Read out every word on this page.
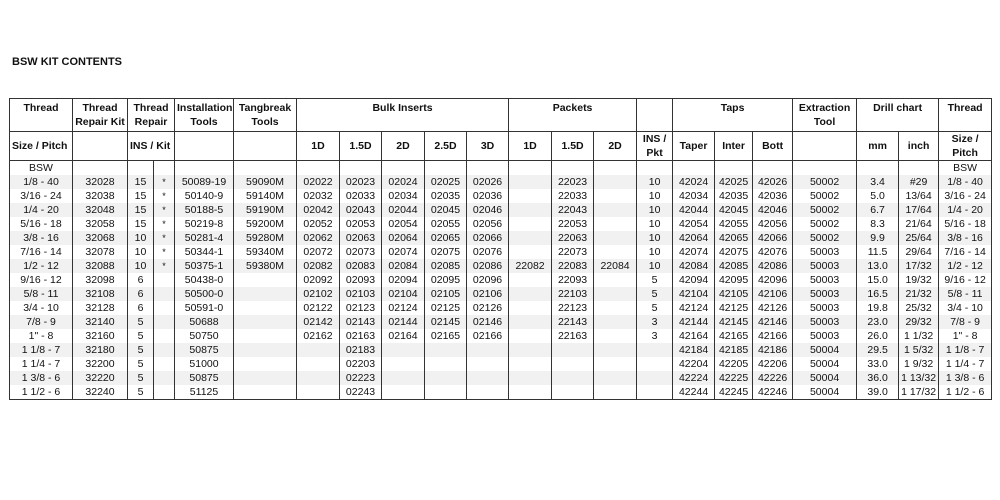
BSW KIT CONTENTS
Thread	Thread Repair Kit	Thread Repair		Installation Tools	Tangbreak Tools	Bulk Inserts					Packets				Taps			Extraction Tool	Drill chart		Thread
Size / Pitch		INS / Kit				1D	1.5D	2D	2.5D	3D	1D	1.5D	2D	INS / Pkt	Taper	Inter	Bott		mm	inch	Size / Pitch
BSW																					BSW
1/8 - 40	32028	15	*	50089-19	59090M	02022	02023	02024	02025	02026		22023		10	42024	42025	42026	50002	3.4	#29	1/8 - 40
3/16 - 24	32038	15	*	50140-9	59140M	02032	02033	02034	02035	02036		22033		10	42034	42035	42036	50002	5.0	13/64	3/16 - 24
1/4 - 20	32048	15	*	50188-5	59190M	02042	02043	02044	02045	02046		22043		10	42044	42045	42046	50002	6.7	17/64	1/4 - 20
5/16 - 18	32058	15	*	50219-8	59200M	02052	02053	02054	02055	02056		22053		10	42054	42055	42056	50002	8.3	21/64	5/16 - 18
3/8 - 16	32068	10	*	50281-4	59280M	02062	02063	02064	02065	02066		22063		10	42064	42065	42066	50002	9.9	25/64	3/8 - 16
7/16 - 14	32078	10	*	50344-1	59340M	02072	02073	02074	02075	02076		22073		10	42074	42075	42076	50003	11.5	29/64	7/16 - 14
1/2 - 12	32088	10	*	50375-1	59380M	02082	02083	02084	02085	02086	22082	22083	22084	10	42084	42085	42086	50003	13.0	17/32	1/2 - 12
9/16 - 12	32098	6		50438-0		02092	02093	02094	02095	02096		22093		5	42094	42095	42096	50003	15.0	19/32	9/16 - 12
5/8 - 11	32108	6		50500-0		02102	02103	02104	02105	02106		22103		5	42104	42105	42106	50003	16.5	21/32	5/8 - 11
3/4 - 10	32128	6		50591-0		02122	02123	02124	02125	02126		22123		5	42124	42125	42126	50003	19.8	25/32	3/4 - 10
7/8 - 9	32140	5		50688		02142	02143	02144	02145	02146		22143		3	42144	42145	42146	50003	23.0	29/32	7/8 - 9
1" - 8	32160	5		50750		02162	02163	02164	02165	02166		22163		3	42164	42165	42166	50003	26.0	1 1/32	1" - 8
1 1/8 - 7	32180	5		50875			02183								42184	42185	42186	50004	29.5	1 5/32	1 1/8 - 7
1 1/4 - 7	32200	5		51000			02203								42204	42205	42206	50004	33.0	1 9/32	1 1/4 - 7
1 3/8 - 6	32220	5		50875			02223								42224	42225	42226	50004	36.0	1 13/32	1 3/8 - 6
1 1/2 - 6	32240	5		51125			02243								42244	42245	42246	50004	39.0	1 17/32	1 1/2 - 6
